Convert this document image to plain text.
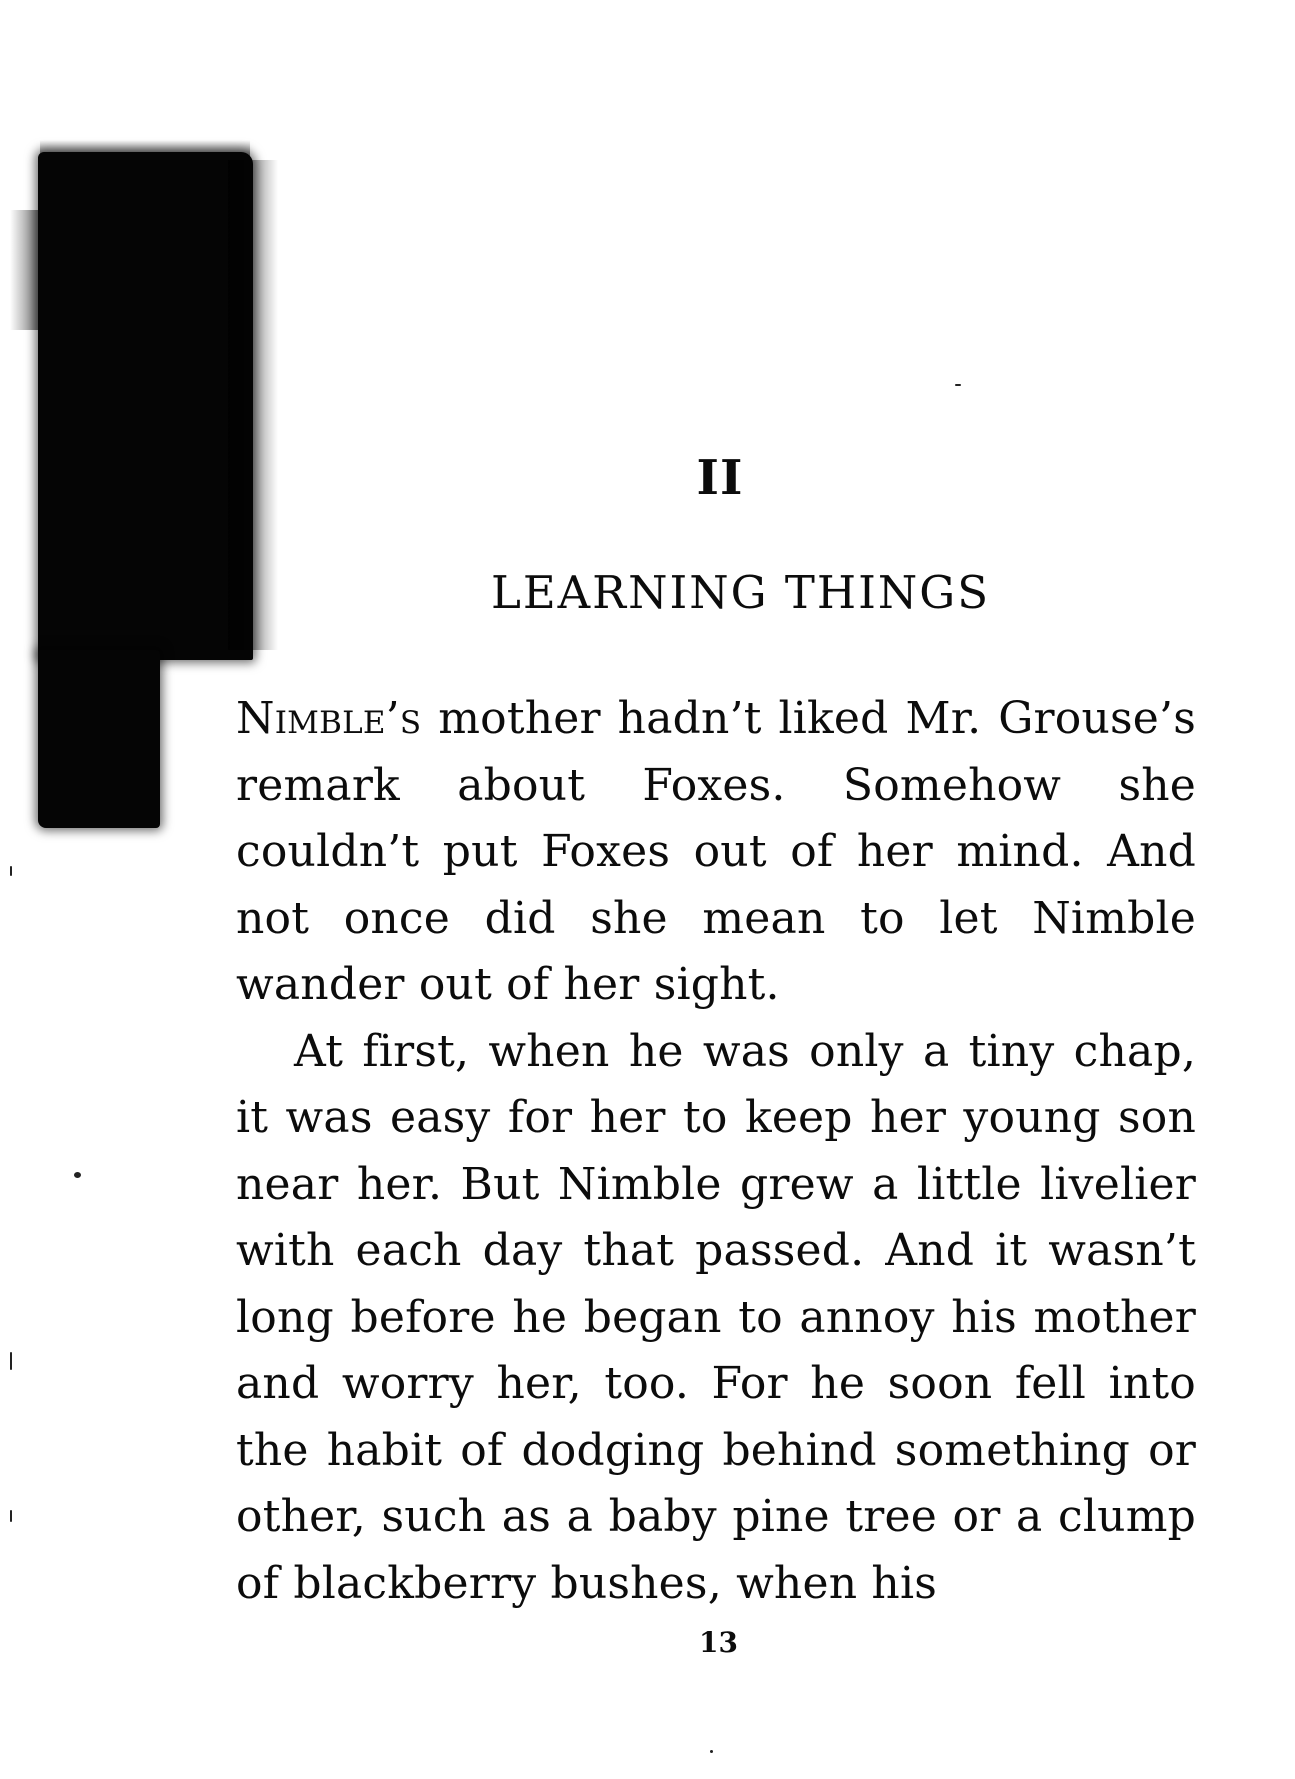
II
LEARNING THINGS

Nimble’s mother hadn’t liked Mr. Grouse’s remark about Foxes. Somehow she couldn’t put Foxes out of her mind. And not once did she mean to let Nimble wander out of her sight.

At first, when he was only a tiny chap, it was easy for her to keep her young son near her. But Nimble grew a little livelier with each day that passed. And it wasn’t long before he began to annoy his mother and worry her, too. For he soon fell into the habit of dodging behind something or other, such as a baby pine tree or a clump of blackberry bushes, when his

13
